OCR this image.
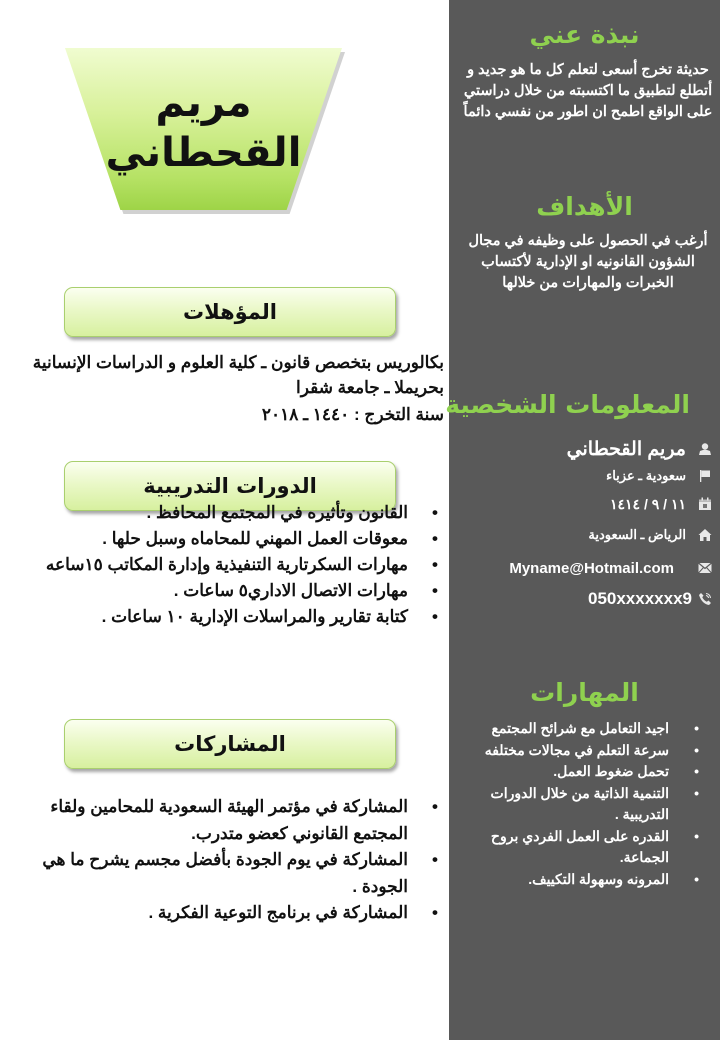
مريم
القحطاني
المؤهلات
بكالوريس بتخصص قانون ـ كلية العلوم و الدراسات الإنسانية بحريملا ـ جامعة شقرا
سنة التخرج : ١٤٤٠ ـ ٢٠١٨
الدورات التدريبية
• القانون وتأثيره في المجتمع المحافظ .
• معوقات العمل المهني للمحاماه وسبل حلها .
• مهارات السكرتارية التنفيذية وإدارة المكاتب ١٥ساعه
• مهارات الاتصال الاداري٥ ساعات .
• كتابة تقارير والمراسلات الإدارية ١٠ ساعات .
المشاركات
• المشاركة في مؤتمر الهيئة السعودية للمحامين ولقاء المجتمع القانوني كعضو متدرب.
• المشاركة في يوم الجودة بأفضل مجسم يشرح ما هي الجودة .
• المشاركة في برنامج التوعية الفكرية .
نبذة عني
حديثة تخرج أسعى لتعلم كل ما هو جديد و أتطلع لتطبيق ما اكتسبته من خلال دراستي على الواقع اطمح ان اطور من نفسي دائماً
الأهداف
أرغب في الحصول على وظيفه في مجال الشؤون القانونيه او الإدارية لأكتساب الخبرات والمهارات من خلالها
المعلومات الشخصية
مريم القحطاني
سعودية ـ عزباء
١١ / ٩ / ١٤١٤
الرياض ـ السعودية
Myname@Hotmail.com
050xxxxxxx9
المهارات
• اجيد التعامل مع شرائح المجتمع
• سرعة التعلم في مجالات مختلفه
• تحمل ضغوط العمل.
• التنمية الذاتية من خلال الدورات التدريبية .
• القدره على العمل الفردي بروح الجماعة.
• المرونه وسهولة التكييف.
